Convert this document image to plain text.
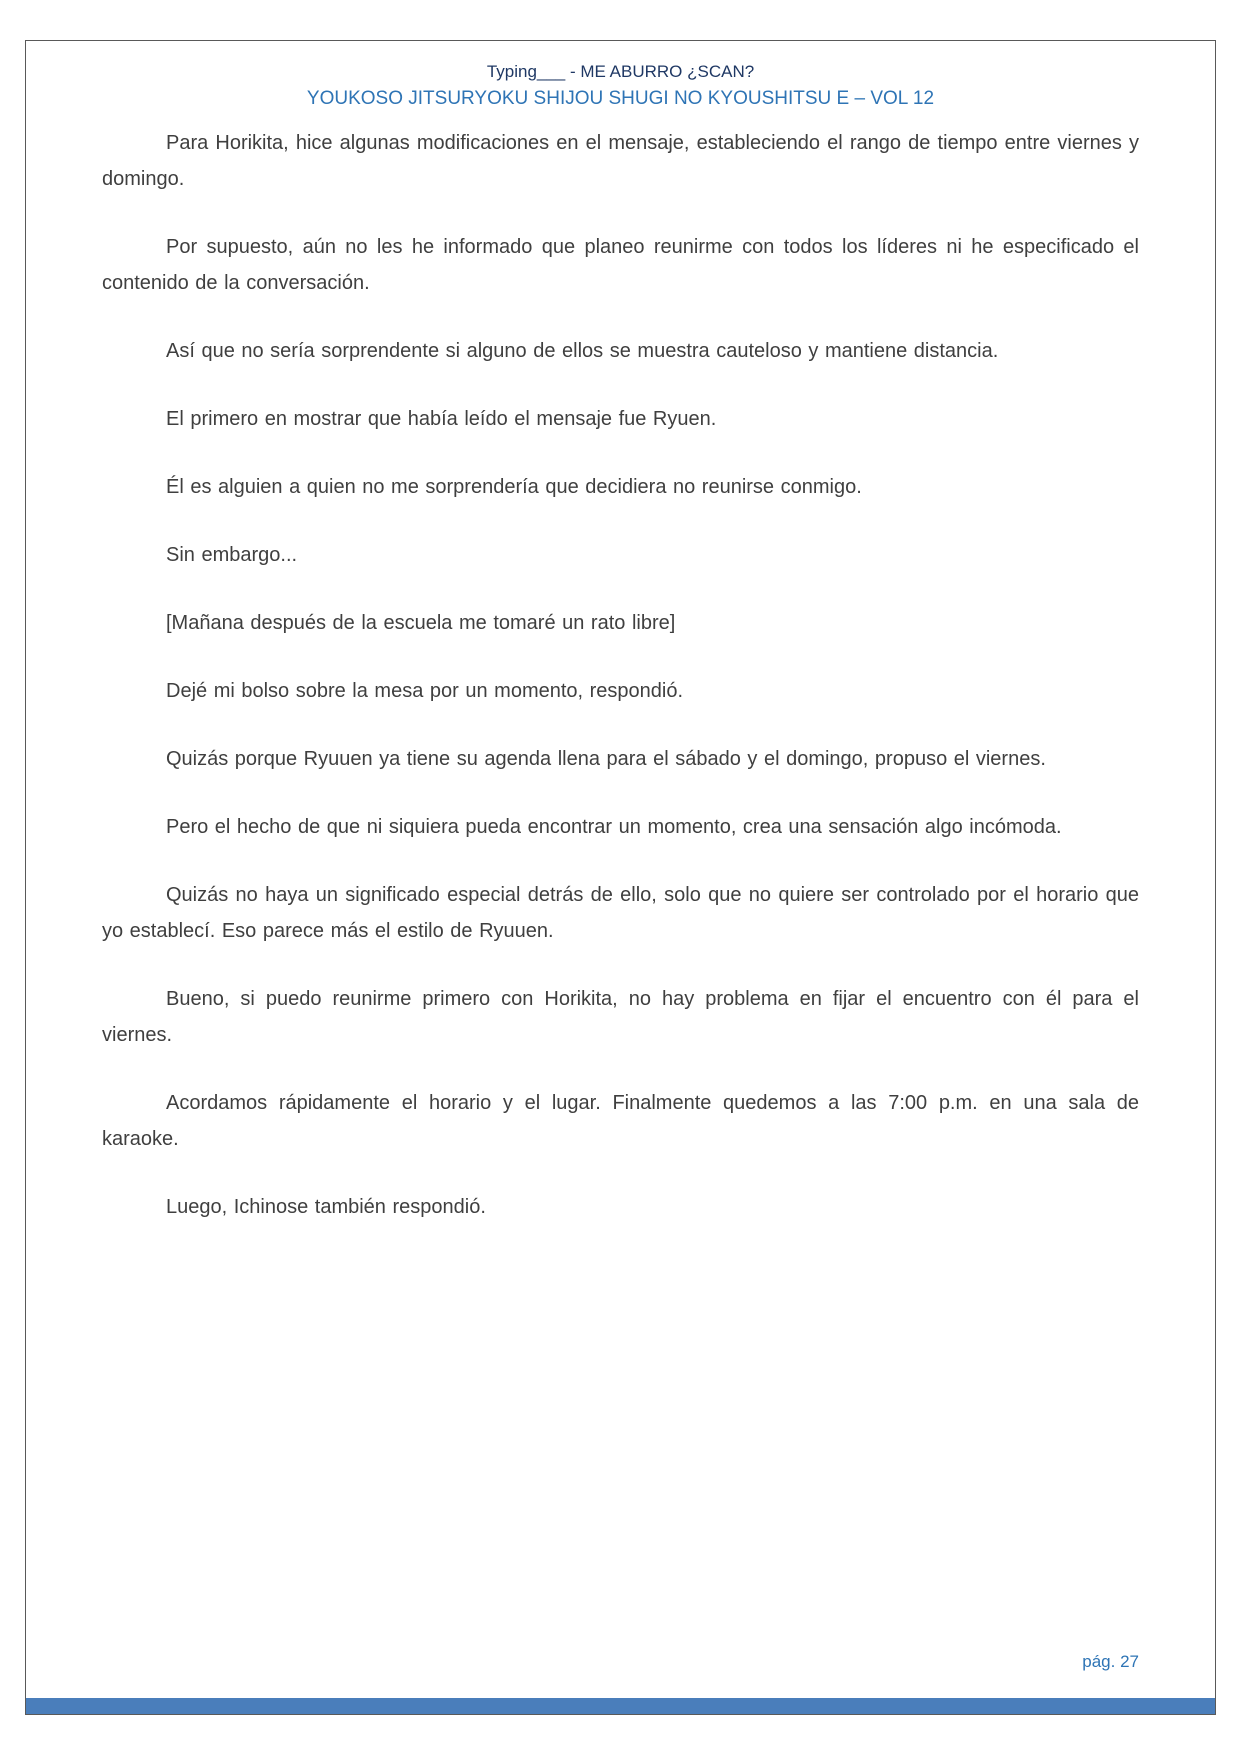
Typing___ - ME ABURRO ¿SCAN?
YOUKOSO JITSURYOKU SHIJOU SHUGI NO KYOUSHITSU E – VOL 12

Para Horikita, hice algunas modificaciones en el mensaje, estableciendo el rango de tiempo entre viernes y domingo.

Por supuesto, aún no les he informado que planeo reunirme con todos los líderes ni he especificado el contenido de la conversación.

Así que no sería sorprendente si alguno de ellos se muestra cauteloso y mantiene distancia.

El primero en mostrar que había leído el mensaje fue Ryuen.

Él es alguien a quien no me sorprendería que decidiera no reunirse conmigo.

Sin embargo...

[Mañana después de la escuela me tomaré un rato libre]

Dejé mi bolso sobre la mesa por un momento, respondió.

Quizás porque Ryuuen ya tiene su agenda llena para el sábado y el domingo, propuso el viernes.

Pero el hecho de que ni siquiera pueda encontrar un momento, crea una sensación algo incómoda.

Quizás no haya un significado especial detrás de ello, solo que no quiere ser controlado por el horario que yo establecí. Eso parece más el estilo de Ryuuen.

Bueno, si puedo reunirme primero con Horikita, no hay problema en fijar el encuentro con él para el viernes.

Acordamos rápidamente el horario y el lugar. Finalmente quedemos a las 7:00 p.m. en una sala de karaoke.

Luego, Ichinose también respondió.

pág. 27
